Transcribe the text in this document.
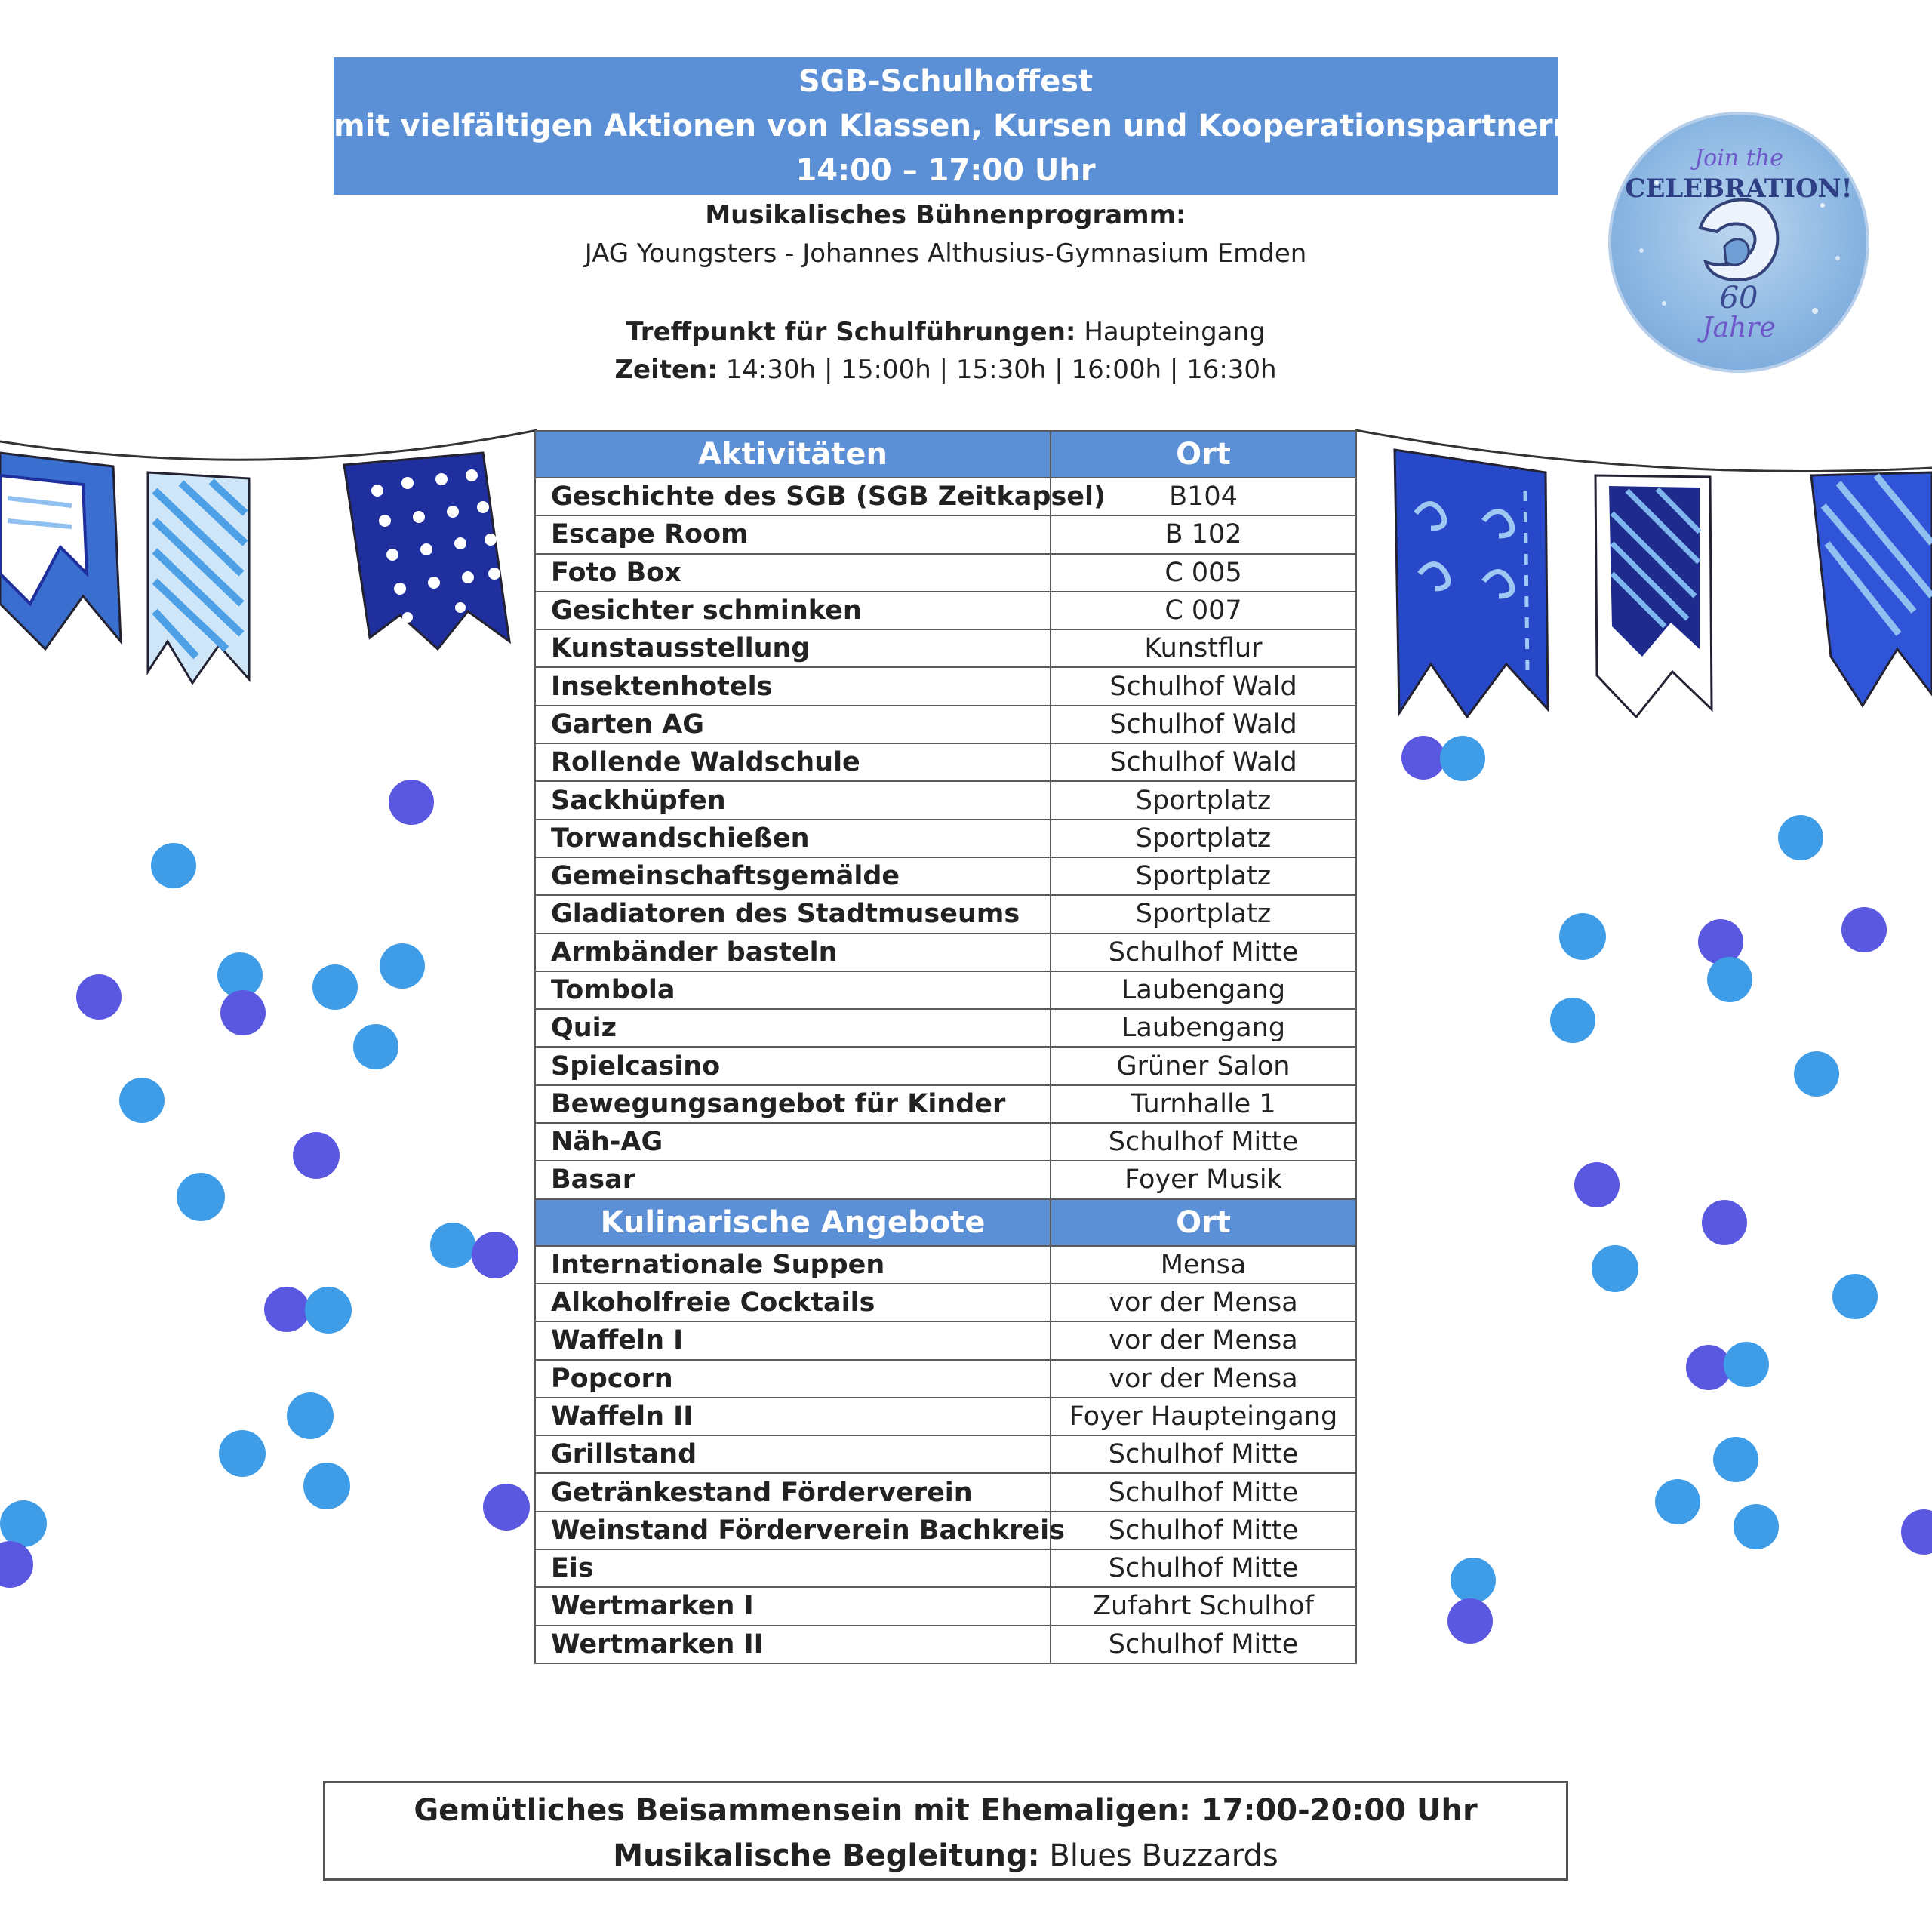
SGB-Schulhoffest
mit vielfältigen Aktionen von Klassen, Kursen und Kooperationspartnern
14:00 – 17:00 Uhr
Musikalisches Bühnenprogramm:
JAG Youngsters - Johannes Althusius-Gymnasium Emden
Treffpunkt für Schulführungen: Haupteingang
Zeiten: 14:30h | 15:00h | 15:30h | 16:00h | 16:30h
Join the
CELEBRATION!
60
Jahre
Aktivitäten	Ort
Geschichte des SGB (SGB Zeitkapsel)	B104
Escape Room	B 102
Foto Box	C 005
Gesichter schminken	C 007
Kunstausstellung	Kunstflur
Insektenhotels	Schulhof Wald
Garten AG	Schulhof Wald
Rollende Waldschule	Schulhof Wald
Sackhüpfen	Sportplatz
Torwandschießen	Sportplatz
Gemeinschaftsgemälde	Sportplatz
Gladiatoren des Stadtmuseums	Sportplatz
Armbänder basteln	Schulhof Mitte
Tombola	Laubengang
Quiz	Laubengang
Spielcasino	Grüner Salon
Bewegungsangebot für Kinder	Turnhalle 1
Näh-AG	Schulhof Mitte
Basar	Foyer Musik
Kulinarische Angebote	Ort
Internationale Suppen	Mensa
Alkoholfreie Cocktails	vor der Mensa
Waffeln I	vor der Mensa
Popcorn	vor der Mensa
Waffeln II	Foyer Haupteingang
Grillstand	Schulhof Mitte
Getränkestand Förderverein	Schulhof Mitte
Weinstand Förderverein Bachkreis	Schulhof Mitte
Eis	Schulhof Mitte
Wertmarken I	Zufahrt Schulhof
Wertmarken II	Schulhof Mitte
Gemütliches Beisammensein mit Ehemaligen: 17:00-20:00 Uhr
Musikalische Begleitung: Blues Buzzards
